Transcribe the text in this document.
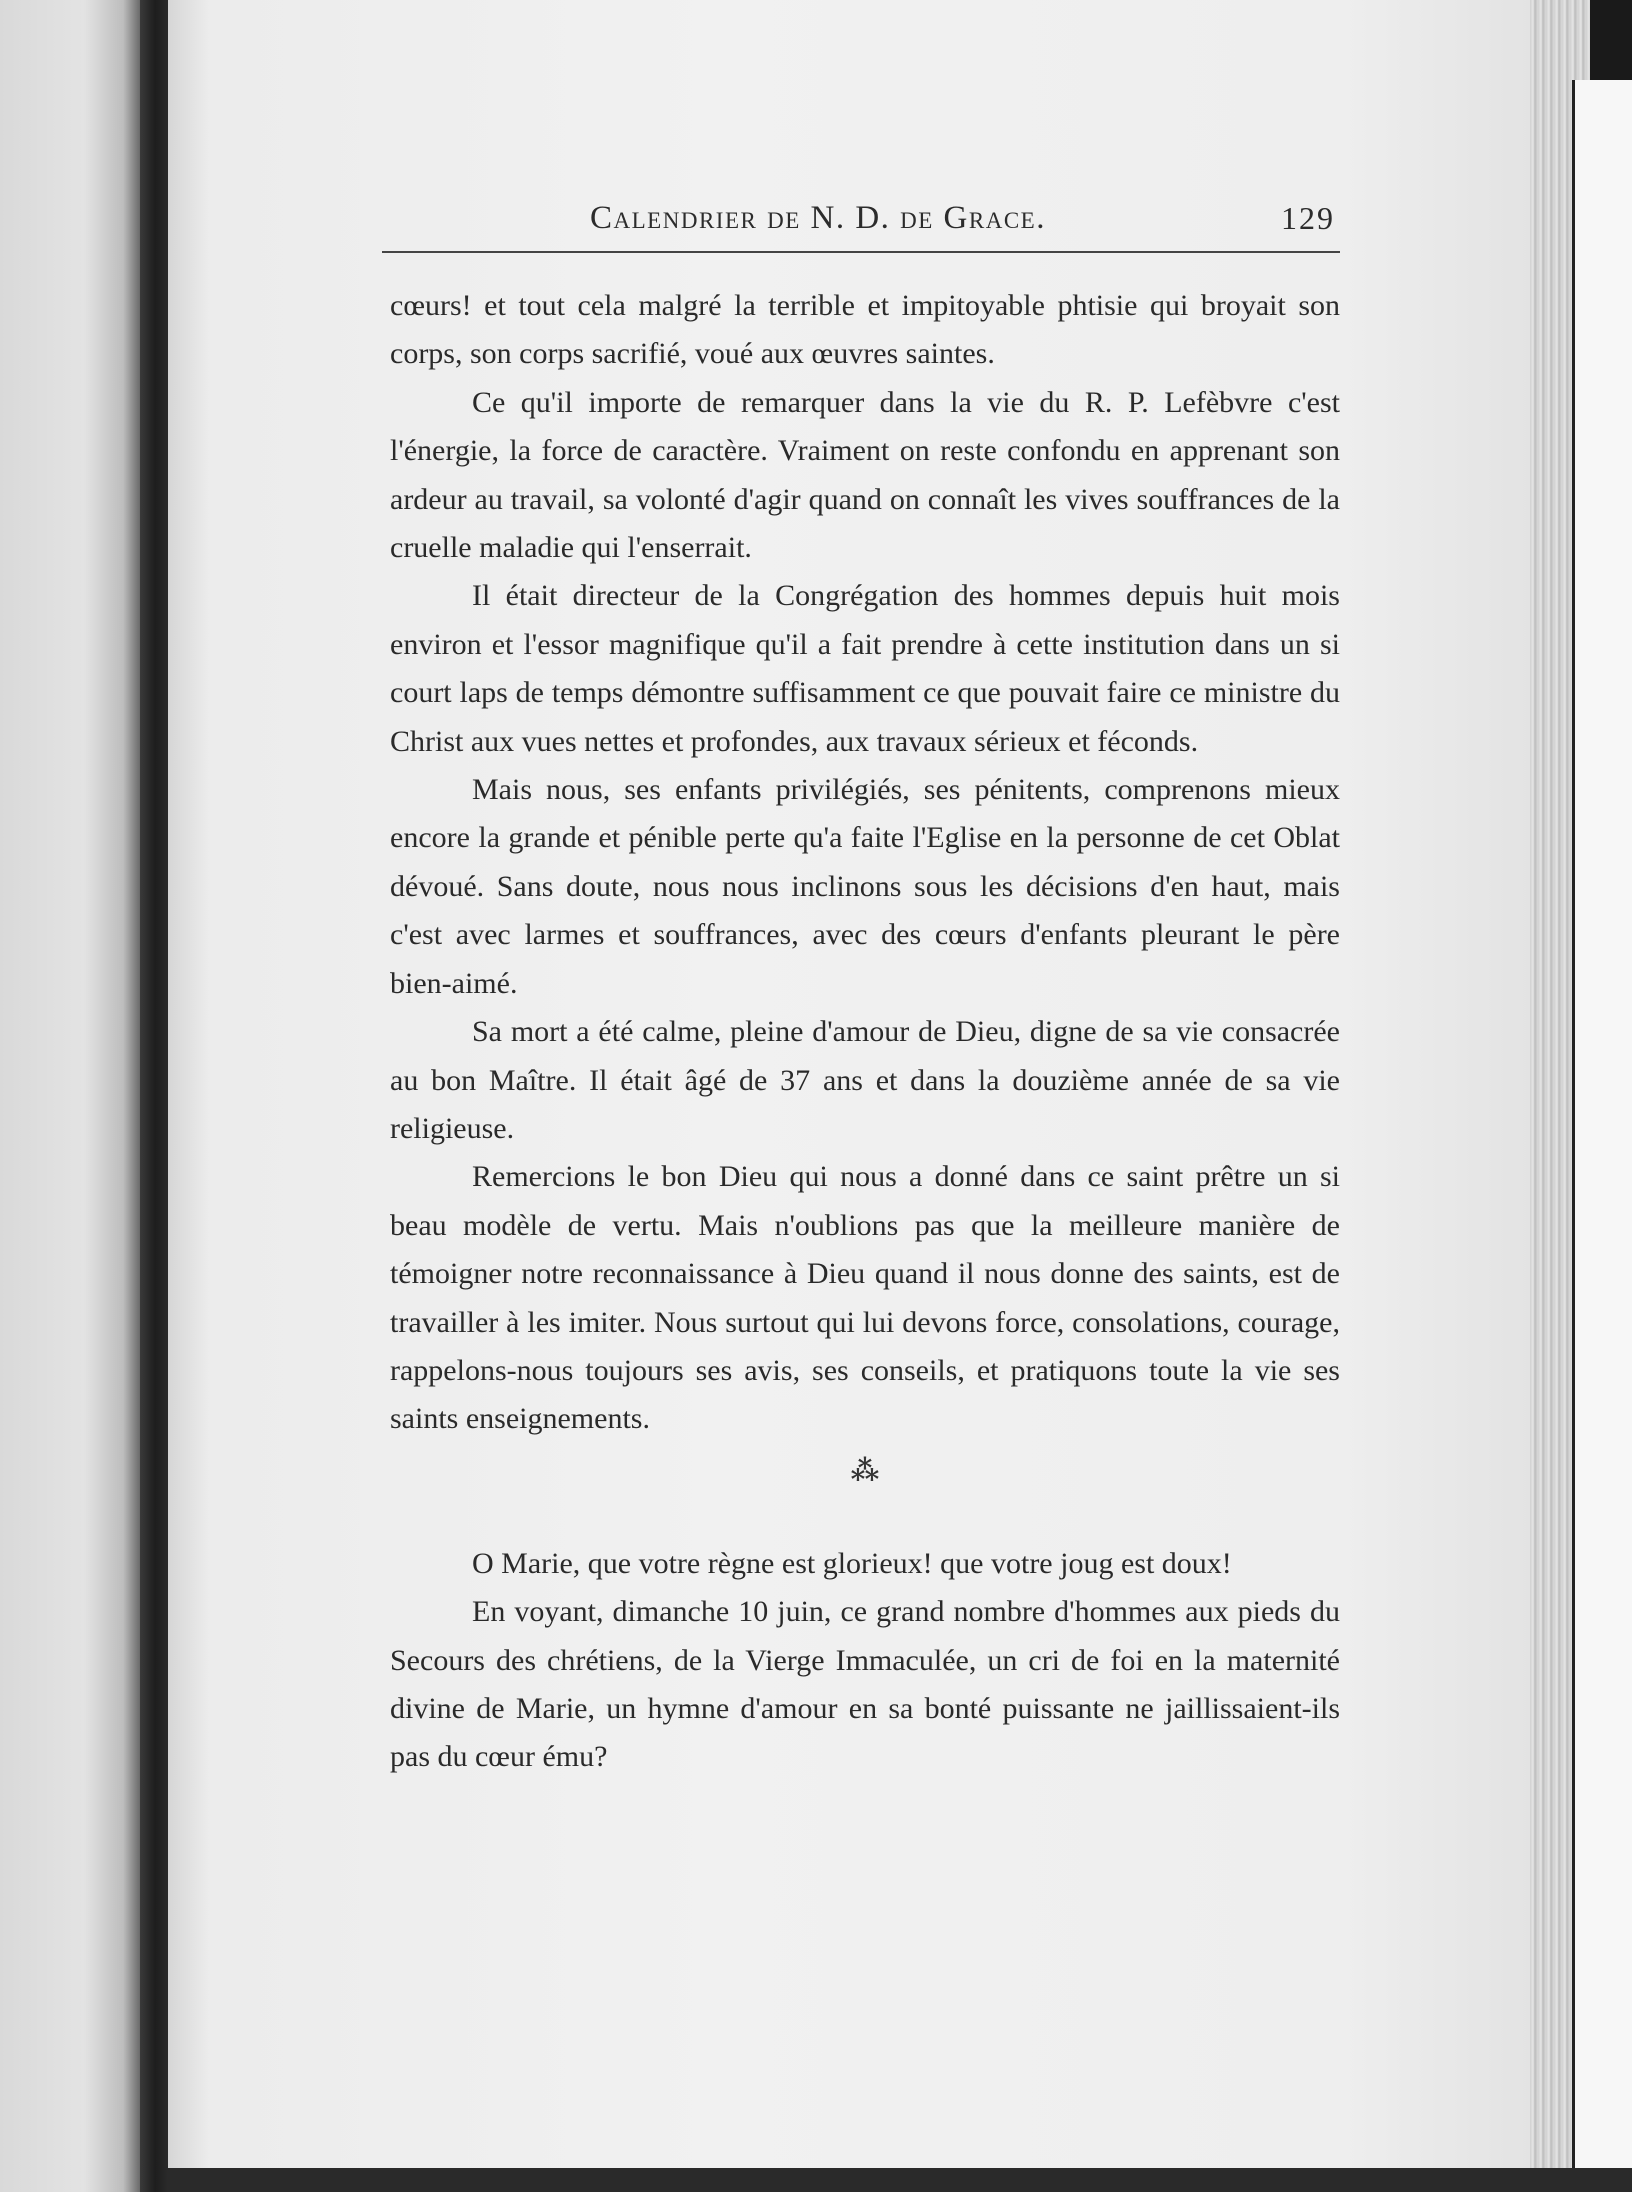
Calendrier de N. D. de Grace.	129

cœurs! et tout cela malgré la terrible et impitoyable phtisie qui broyait son corps, son corps sacrifié, voué aux œuvres saintes.

Ce qu'il importe de remarquer dans la vie du R. P. Lefèbvre c'est l'énergie, la force de caractère. Vraiment on reste confondu en apprenant son ardeur au travail, sa volonté d'agir quand on connaît les vives souffrances de la cruelle maladie qui l'enserrait.

Il était directeur de la Congrégation des hommes depuis huit mois environ et l'essor magnifique qu'il a fait prendre à cette institution dans un si court laps de temps démontre suffisamment ce que pouvait faire ce ministre du Christ aux vues nettes et profondes, aux travaux sérieux et féconds.

Mais nous, ses enfants privilégiés, ses pénitents, comprenons mieux encore la grande et pénible perte qu'a faite l'Eglise en la personne de cet Oblat dévoué. Sans doute, nous nous inclinons sous les décisions d'en haut, mais c'est avec larmes et souffrances, avec des cœurs d'enfants pleurant le père bien-aimé.

Sa mort a été calme, pleine d'amour de Dieu, digne de sa vie consacrée au bon Maître. Il était âgé de 37 ans et dans la douzième année de sa vie religieuse.

Remercions le bon Dieu qui nous a donné dans ce saint prêtre un si beau modèle de vertu. Mais n'oublions pas que la meilleure manière de témoigner notre reconnaissance à Dieu quand il nous donne des saints, est de travailler à les imiter. Nous surtout qui lui devons force, consolations, courage, rappelons-nous toujours ses avis, ses conseils, et pratiquons toute la vie ses saints enseignements.

⁂

O Marie, que votre règne est glorieux! que votre joug est doux!

En voyant, dimanche 10 juin, ce grand nombre d'hommes aux pieds du Secours des chrétiens, de la Vierge Immaculée, un cri de foi en la maternité divine de Marie, un hymne d'amour en sa bonté puissante ne jaillissaient-ils pas du cœur ému?
